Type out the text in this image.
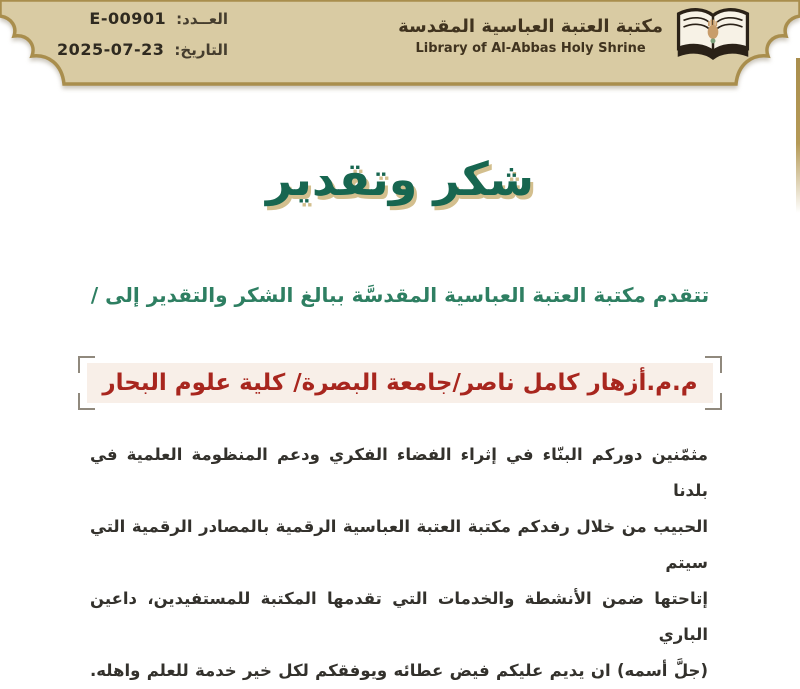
العــدد:
E-00901
التاريخ:
2025-07-23
مكتبة العتبة العباسية المقدسة
Library of Al-Abbas Holy Shrine
شكر وتقدير
تتقدم مكتبة العتبة العباسية المقدسَّة ببالغ الشكر والتقدير إلى /
م.م.أزهار كامل ناصر/جامعة البصرة/ كلية علوم البحار
مثمّنين دوركم البنّاء في إثراء الفضاء الفكري ودعم المنظومة العلمية في بلدنا
الحبيب من خلال رفدكم مكتبة العتبة العباسية الرقمية بالمصادر الرقمية التي سيتم
إتاحتها ضمن الأنشطة والخدمات التي تقدمها المكتبة للمستفيدين، داعين الباري
(جلَّ أسمه) ان يديم عليكم فيض عطائه ويوفقكم لكل خير خدمة للعلم واهله.
